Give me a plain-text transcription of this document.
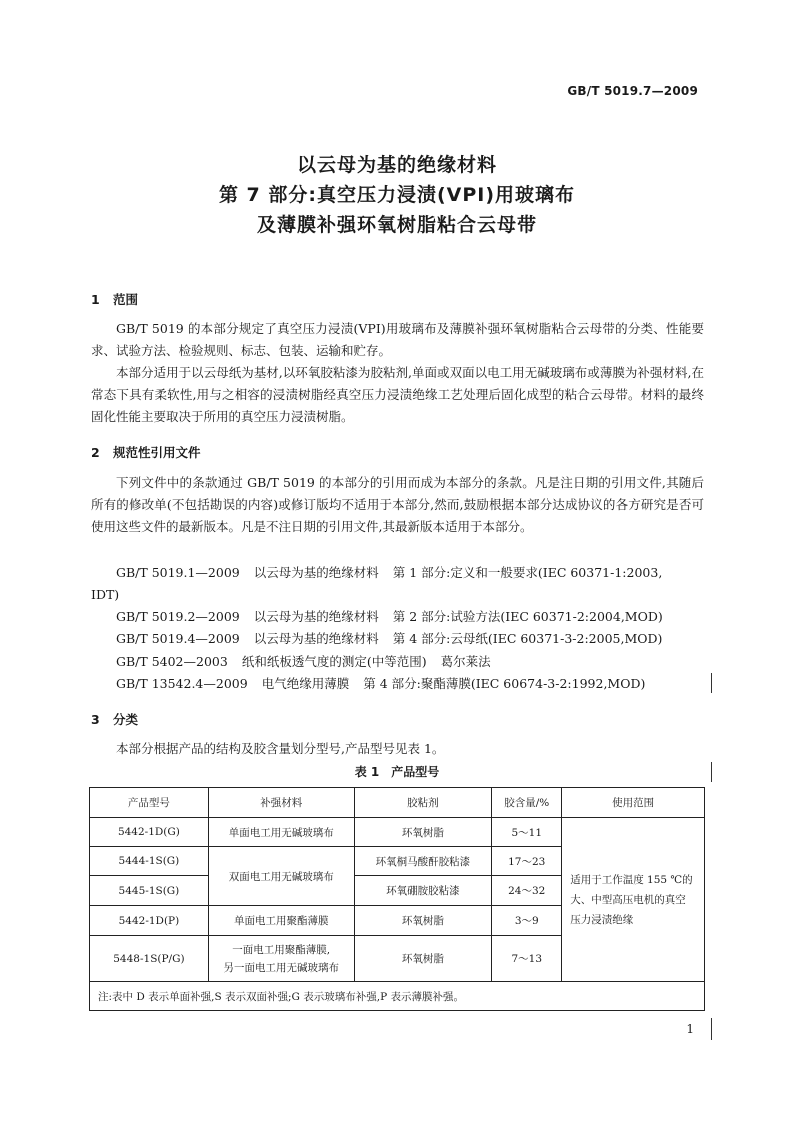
GB/T 5019.7—2009
以云母为基的绝缘材料
第 7 部分:真空压力浸渍(VPI)用玻璃布
及薄膜补强环氧树脂粘合云母带
1 范围
GB/T 5019 的本部分规定了真空压力浸渍(VPI)用玻璃布及薄膜补强环氧树脂粘合云母带的分类、性能要求、试验方法、检验规则、标志、包装、运输和贮存。
本部分适用于以云母纸为基材,以环氧胶粘漆为胶粘剂,单面或双面以电工用无碱玻璃布或薄膜为补强材料,在常态下具有柔软性,用与之相容的浸渍树脂经真空压力浸渍绝缘工艺处理后固化成型的粘合云母带。材料的最终固化性能主要取决于所用的真空压力浸渍树脂。
2 规范性引用文件
下列文件中的条款通过 GB/T 5019 的本部分的引用而成为本部分的条款。凡是注日期的引用文件,其随后所有的修改单(不包括勘误的内容)或修订版均不适用于本部分,然而,鼓励根据本部分达成协议的各方研究是否可使用这些文件的最新版本。凡是不注日期的引用文件,其最新版本适用于本部分。
GB/T 5019.1—2009 以云母为基的绝缘材料 第 1 部分:定义和一般要求(IEC 60371-1:2003,
IDT)
GB/T 5019.2—2009 以云母为基的绝缘材料 第 2 部分:试验方法(IEC 60371-2:2004,MOD)
GB/T 5019.4—2009 以云母为基的绝缘材料 第 4 部分:云母纸(IEC 60371-3-2:2005,MOD)
GB/T 5402—2003 纸和纸板透气度的测定(中等范围) 葛尔莱法
GB/T 13542.4—2009 电气绝缘用薄膜 第 4 部分:聚酯薄膜(IEC 60674-3-2:1992,MOD)
3 分类
本部分根据产品的结构及胶含量划分型号,产品型号见表 1。
表 1　产品型号
产品型号	补强材料	胶粘剂	胶含量/%	使用范围
5442-1D(G)	单面电工用无碱玻璃布	环氧树脂	5～11	适用于工作温度 155 ℃的大、中型高压电机的真空压力浸渍绝缘
5444-1S(G)	双面电工用无碱玻璃布	环氧桐马酸酐胶粘漆	17～23	
5445-1S(G)		环氧硼胺胶粘漆	24～32	
5442-1D(P)	单面电工用聚酯薄膜	环氧树脂	3～9	
5448-1S(P/G)	一面电工用聚酯薄膜,
另一面电工用无碱玻璃布	环氧树脂	7～13	
注:表中 D 表示单面补强,S 表示双面补强;G 表示玻璃布补强,P 表示薄膜补强。				
1
